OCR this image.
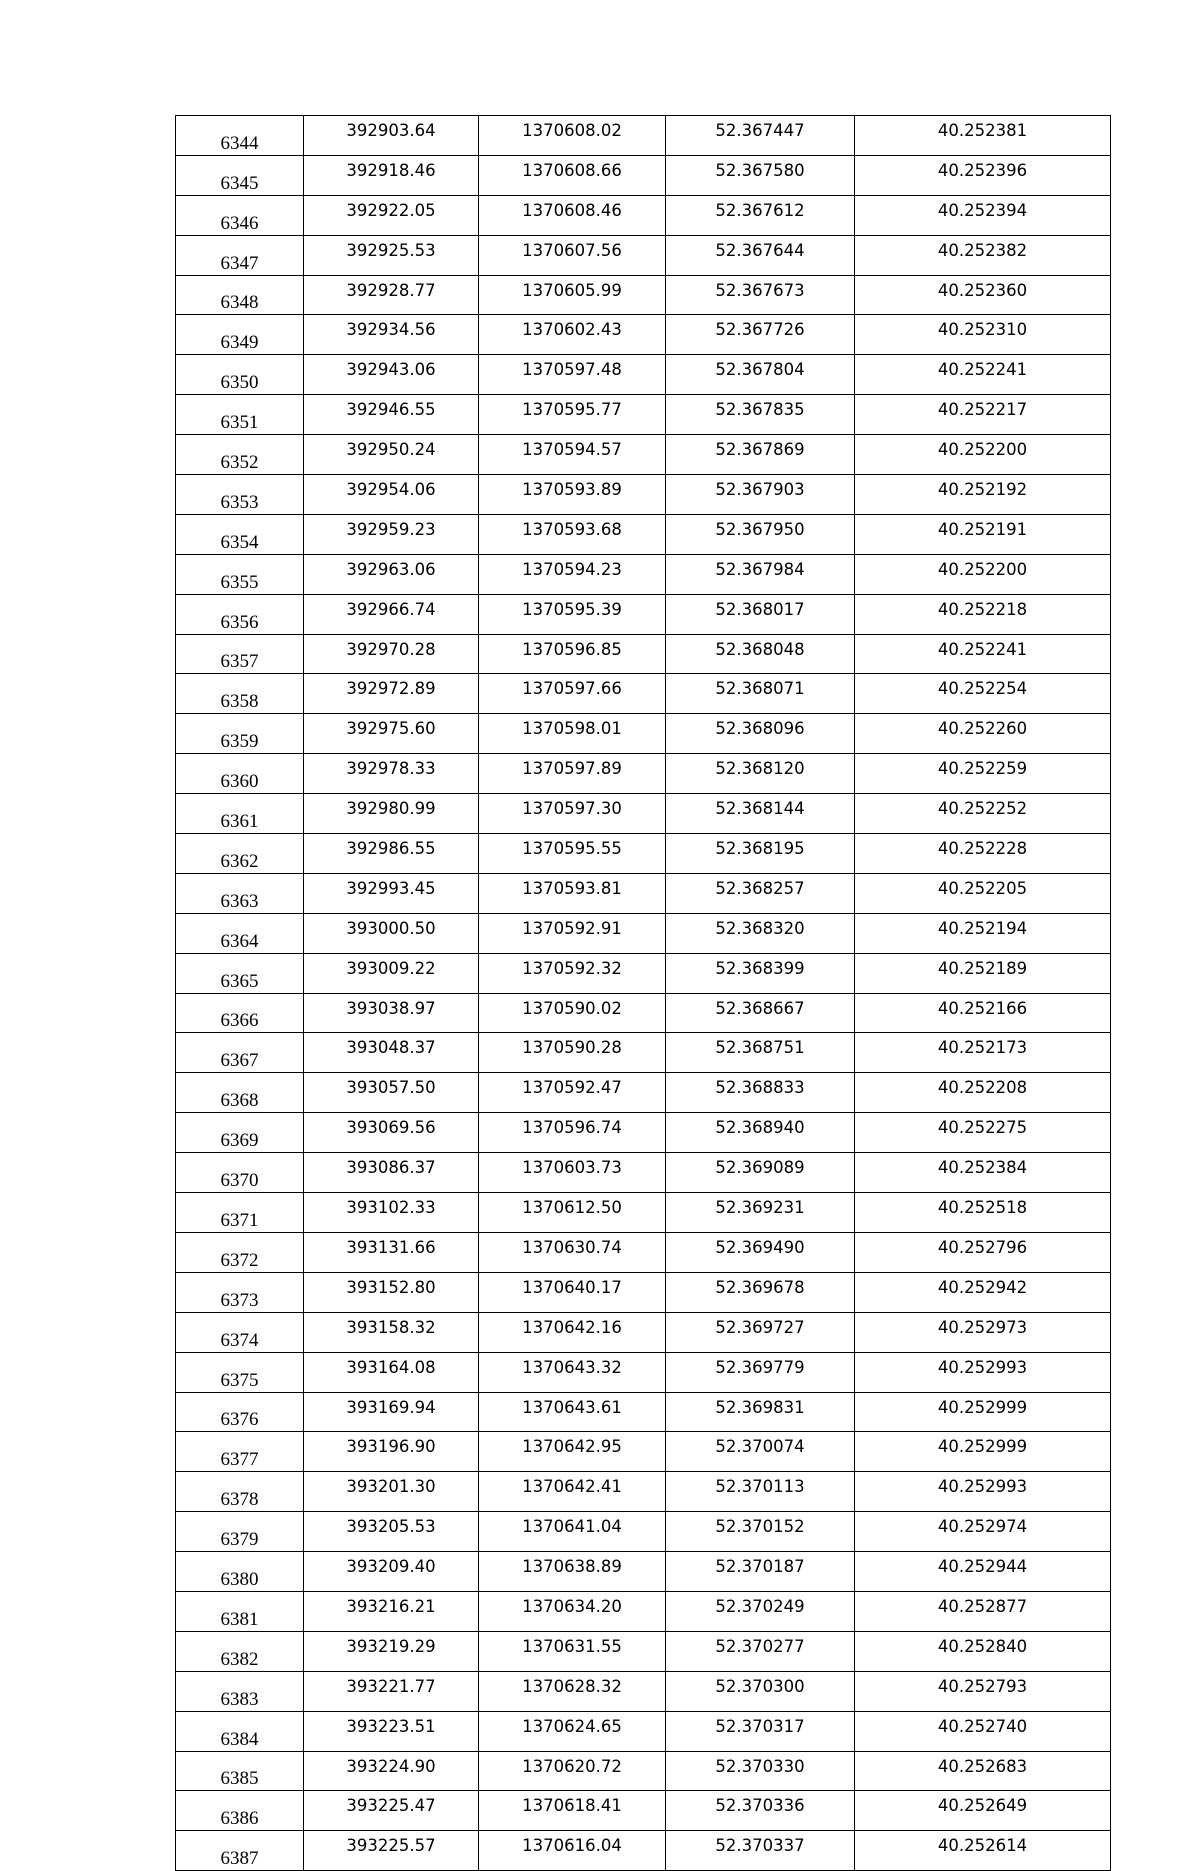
6344	392903.64	1370608.02	52.367447	40.252381
6345	392918.46	1370608.66	52.367580	40.252396
6346	392922.05	1370608.46	52.367612	40.252394
6347	392925.53	1370607.56	52.367644	40.252382
6348	392928.77	1370605.99	52.367673	40.252360
6349	392934.56	1370602.43	52.367726	40.252310
6350	392943.06	1370597.48	52.367804	40.252241
6351	392946.55	1370595.77	52.367835	40.252217
6352	392950.24	1370594.57	52.367869	40.252200
6353	392954.06	1370593.89	52.367903	40.252192
6354	392959.23	1370593.68	52.367950	40.252191
6355	392963.06	1370594.23	52.367984	40.252200
6356	392966.74	1370595.39	52.368017	40.252218
6357	392970.28	1370596.85	52.368048	40.252241
6358	392972.89	1370597.66	52.368071	40.252254
6359	392975.60	1370598.01	52.368096	40.252260
6360	392978.33	1370597.89	52.368120	40.252259
6361	392980.99	1370597.30	52.368144	40.252252
6362	392986.55	1370595.55	52.368195	40.252228
6363	392993.45	1370593.81	52.368257	40.252205
6364	393000.50	1370592.91	52.368320	40.252194
6365	393009.22	1370592.32	52.368399	40.252189
6366	393038.97	1370590.02	52.368667	40.252166
6367	393048.37	1370590.28	52.368751	40.252173
6368	393057.50	1370592.47	52.368833	40.252208
6369	393069.56	1370596.74	52.368940	40.252275
6370	393086.37	1370603.73	52.369089	40.252384
6371	393102.33	1370612.50	52.369231	40.252518
6372	393131.66	1370630.74	52.369490	40.252796
6373	393152.80	1370640.17	52.369678	40.252942
6374	393158.32	1370642.16	52.369727	40.252973
6375	393164.08	1370643.32	52.369779	40.252993
6376	393169.94	1370643.61	52.369831	40.252999
6377	393196.90	1370642.95	52.370074	40.252999
6378	393201.30	1370642.41	52.370113	40.252993
6379	393205.53	1370641.04	52.370152	40.252974
6380	393209.40	1370638.89	52.370187	40.252944
6381	393216.21	1370634.20	52.370249	40.252877
6382	393219.29	1370631.55	52.370277	40.252840
6383	393221.77	1370628.32	52.370300	40.252793
6384	393223.51	1370624.65	52.370317	40.252740
6385	393224.90	1370620.72	52.370330	40.252683
6386	393225.47	1370618.41	52.370336	40.252649
6387	393225.57	1370616.04	52.370337	40.252614
